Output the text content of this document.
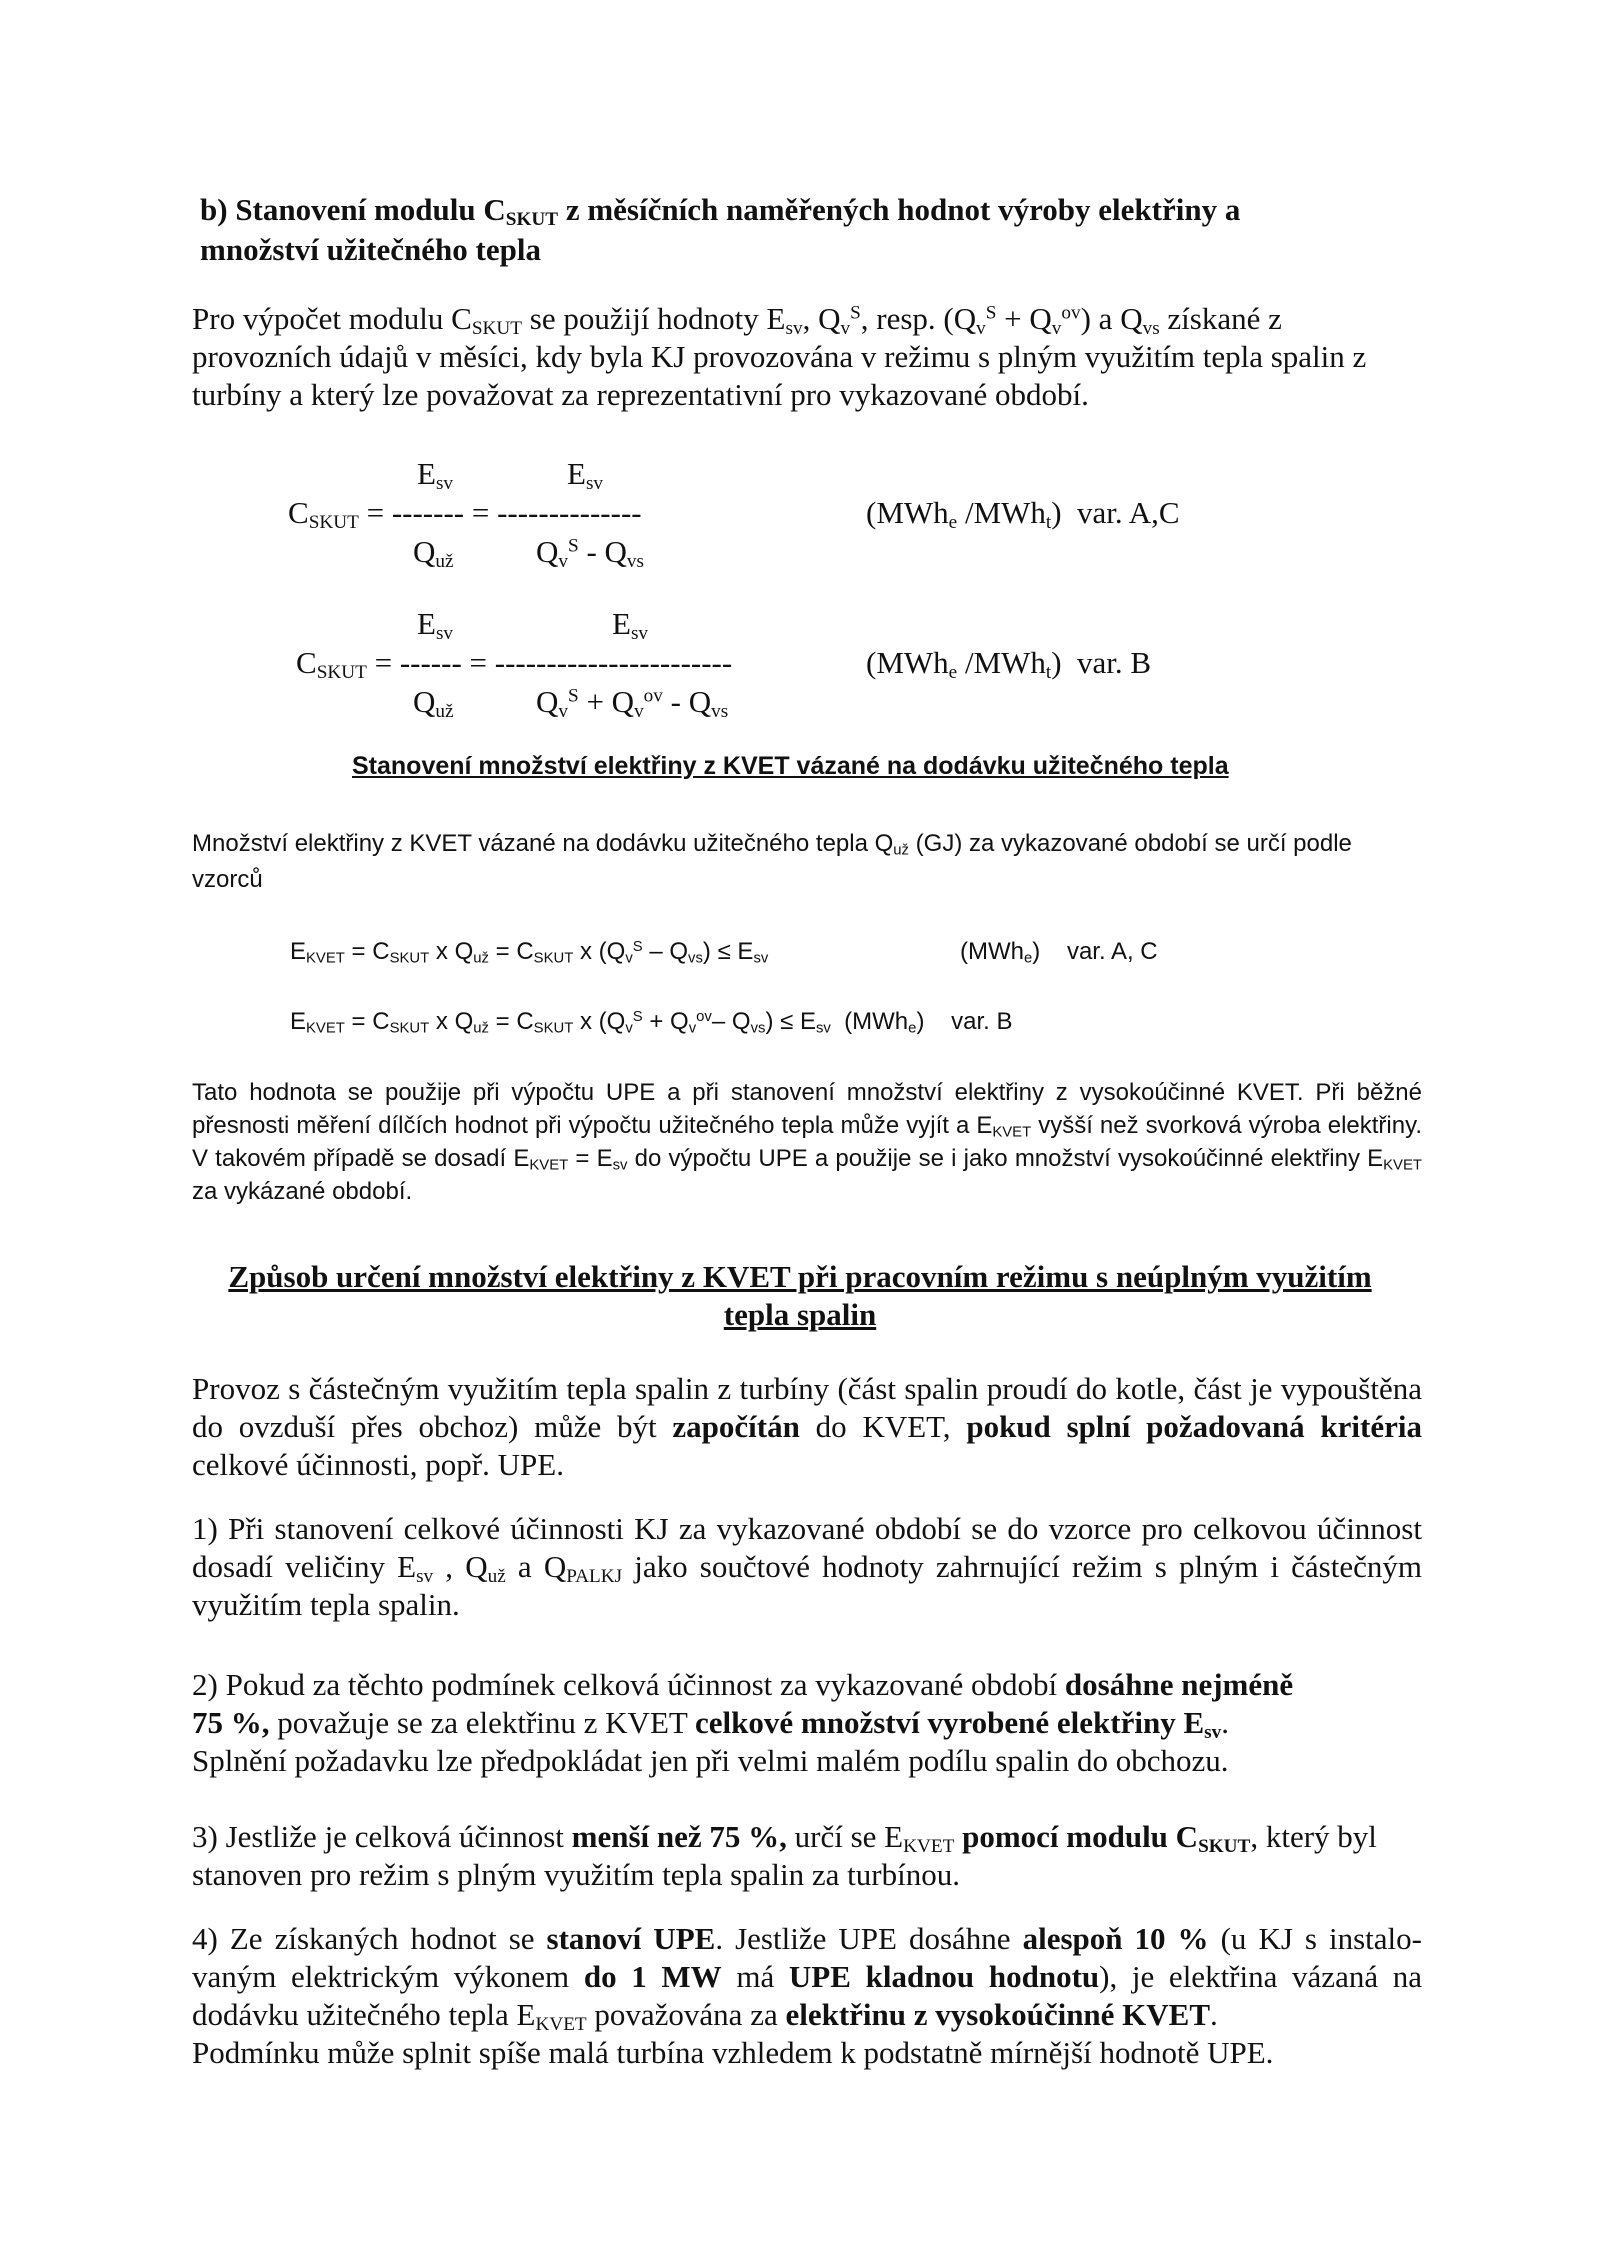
b) Stanovení modulu $C_{SKUT}$ z měsíčních naměřených hodnot výroby elektřiny a
množství užitečného tepla
Pro výpočet modulu $C_{SKUT}$ se použijí hodnoty $E_{sv}$, $Q_v^S$, resp. $(Q_v^S + Q_v^{ov})$ a $Q_{vs}$ získané z provozních údajů v měsíci, kdy byla KJ provozována v režimu s plným využitím tepla spalin z turbíny a který lze považovat za reprezentativní pro vykazované období.
$E_{sv}$	$E_{sv}$
$C_{SKUT}$ = ------- = --------------	(MWh$_e$ /MWh$_t$) var. A,C
$Q_{už}$	$Q_v^S - Q_{vs}$
$E_{sv}$	$E_{sv}$
$C_{SKUT}$ = ------ = -----------------------	(MWh$_e$ /MWh$_t$) var. B
$Q_{už}$	$Q_v^S + Q_v^{ov} - Q_{vs}$
Stanovení množství elektřiny z KVET vázané na dodávku užitečného tepla
Množství elektřiny z KVET vázané na dodávku užitečného tepla $Q_{už}$ (GJ) za vykazované období se určí podle vzorců
$E_{KVET} = C_{SKUT}$ x $Q_{už} = C_{SKUT}$ x $(Q_v^S - Q_{vs}) \le E_{sv}$	(MWh$_e$) var. A, C
$E_{KVET} = C_{SKUT}$ x $Q_{už} = C_{SKUT}$ x ($Q_v^S + Q_v^{ov}-$ $Q_{vs}) \le E_{sv}$ (MWh$_e$) var. B
Tato hodnota se použije při výpočtu UPE a při stanovení množství elektřiny z vysokoúčinné KVET. Při běžné přesnosti měření dílčích hodnot při výpočtu užitečného tepla může vyjít a $E_{KVET}$ vyšší než svorková výroba elektřiny. V takovém případě se dosadí $E_{KVET} = E_{sv}$ do výpočtu UPE a použije se i jako množství vysokoúčinné elektřiny $E_{KVET}$ za vykázané období.
Způsob určení množství elektřiny z KVET při pracovním režimu s neúplným využitím
tepla spalin
Provoz s částečným využitím tepla spalin z turbíny (část spalin proudí do kotle, část je vypouštěna do ovzduší přes obchoz) může být započítán do KVET, pokud splní požadovaná kritéria celkové účinnosti, popř. UPE.
1) Při stanovení celkové účinnosti KJ za vykazované období se do vzorce pro celkovou účinnost dosadí veličiny $E_{sv}$ , $Q_{už}$ a $Q_{PALKJ}$ jako součtové hodnoty zahrnující režim s plným i částečným využitím tepla spalin.
2) Pokud za těchto podmínek celková účinnost za vykazované období dosáhne nejméně
75 %, považuje se za elektřinu z KVET celkové množství vyrobené elektřiny $E_{sv}$.
Splnění požadavku lze předpokládat jen při velmi malém podílu spalin do obchozu.
3) Jestliže je celková účinnost menší než 75 %, určí se $E_{KVET}$ pomocí modulu $C_{SKUT}$, který byl stanoven pro režim s plným využitím tepla spalin za turbínou.
4) Ze získaných hodnot se stanoví UPE. Jestliže UPE dosáhne alespoň 10 % (u KJ s instalo-vaným elektrickým výkonem do 1 MW má UPE kladnou hodnotu), je elektřina vázaná na dodávku užitečného tepla $E_{KVET}$ považována za elektřinu z vysokoúčinné KVET.
Podmínku může splnit spíše malá turbína vzhledem k podstatně mírnější hodnotě UPE.
